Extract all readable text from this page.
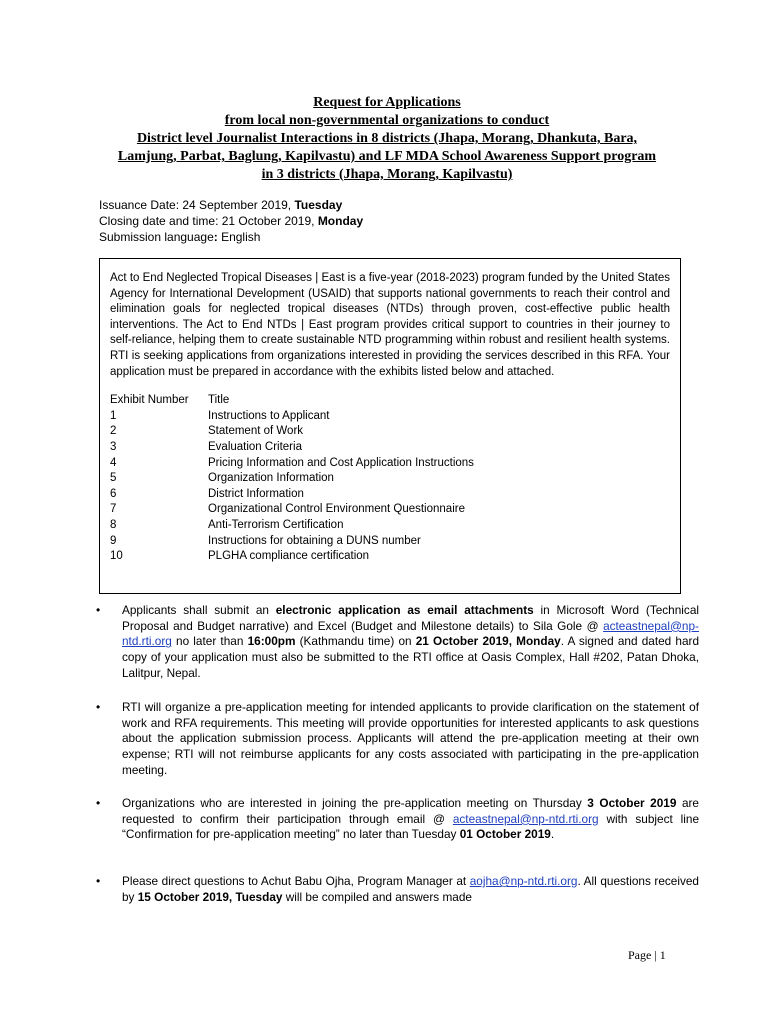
Request for Applications
from local non-governmental organizations to conduct
District level Journalist Interactions in 8 districts (Jhapa, Morang, Dhankuta, Bara,
Lamjung, Parbat, Baglung, Kapilvastu) and LF MDA School Awareness Support program
in 3 districts (Jhapa, Morang, Kapilvastu)
Issuance Date: 24 September 2019, Tuesday
Closing date and time: 21 October 2019, Monday
Submission language: English

Act to End Neglected Tropical Diseases | East is a five-year (2018-2023) program funded by the United States Agency for International Development (USAID) that supports national governments to reach their control and elimination goals for neglected tropical diseases (NTDs) through proven, cost-effective public health interventions. The Act to End NTDs | East program provides critical support to countries in their journey to self-reliance, helping them to create sustainable NTD programming within robust and resilient health systems. RTI is seeking applications from organizations interested in providing the services described in this RFA. Your application must be prepared in accordance with the exhibits listed below and attached.

Exhibit Number	Title
1	Instructions to Applicant
2	Statement of Work
3	Evaluation Criteria
4	Pricing Information and Cost Application Instructions
5	Organization Information
6	District Information
7	Organizational Control Environment Questionnaire
8	Anti-Terrorism Certification
9	Instructions for obtaining a DUNS number
10	PLGHA compliance certification
• Applicants shall submit an electronic application as email attachments in Microsoft Word (Technical Proposal and Budget narrative) and Excel (Budget and Milestone details) to Sila Gole @ acteastnepal@np-ntd.rti.org no later than 16:00pm (Kathmandu time) on 21 October 2019, Monday. A signed and dated hard copy of your application must also be submitted to the RTI office at Oasis Complex, Hall #202, Patan Dhoka, Lalitpur, Nepal.
• RTI will organize a pre-application meeting for intended applicants to provide clarification on the statement of work and RFA requirements. This meeting will provide opportunities for interested applicants to ask questions about the application submission process. Applicants will attend the pre-application meeting at their own expense; RTI will not reimburse applicants for any costs associated with participating in the pre-application meeting.
• Organizations who are interested in joining the pre-application meeting on Thursday 3 October 2019 are requested to confirm their participation through email @ acteastnepal@np-ntd.rti.org with subject line “Confirmation for pre-application meeting” no later than Tuesday 01 October 2019.
• Please direct questions to Achut Babu Ojha, Program Manager at aojha@np-ntd.rti.org. All questions received by 15 October 2019, Tuesday will be compiled and answers made
Page | 1
